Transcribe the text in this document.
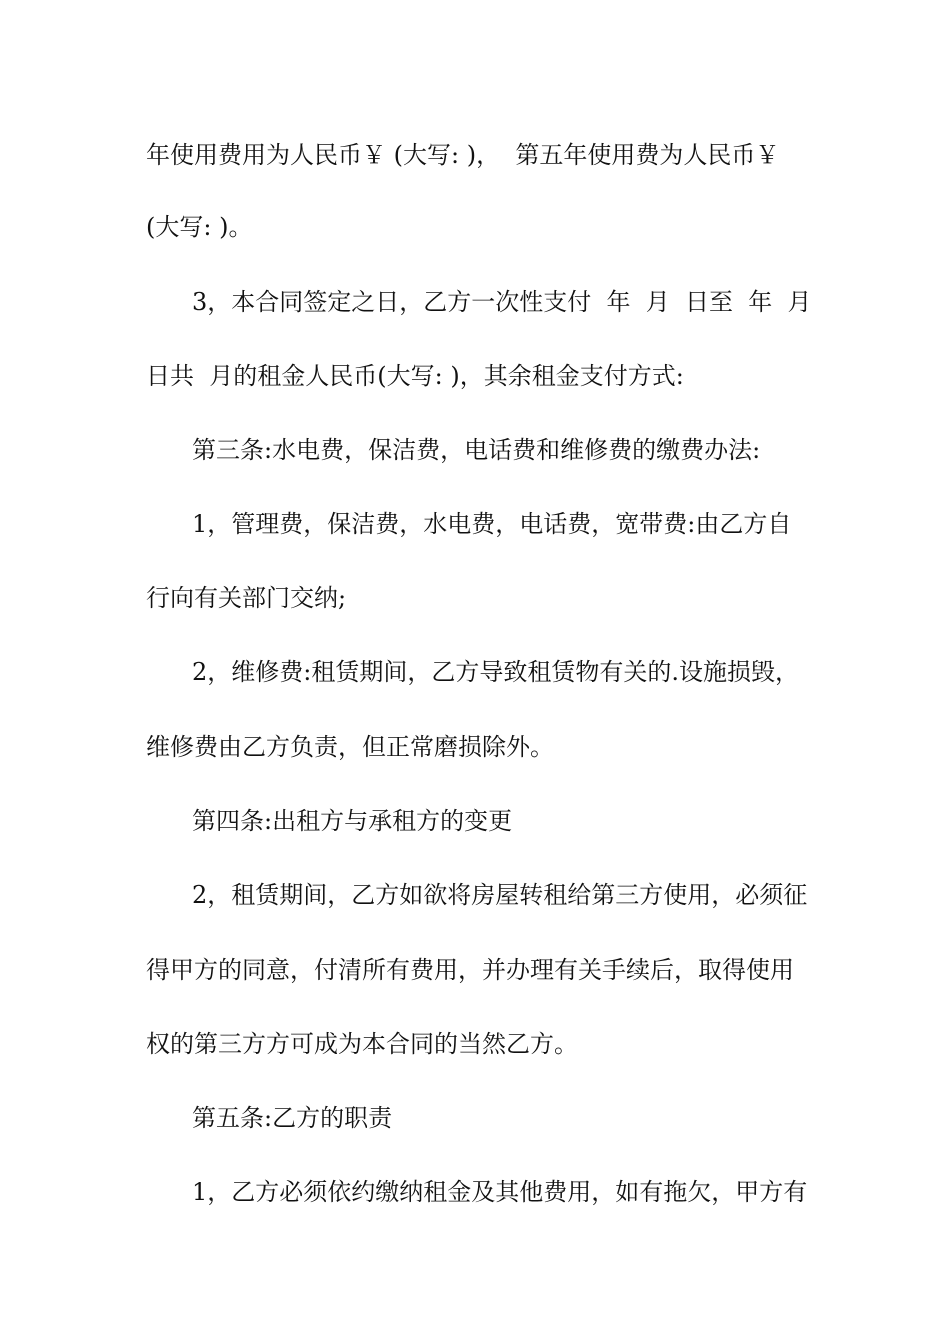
年使用费用为人民币￥ (大写: )，  第五年使用费为人民币￥
(大写: )。
3，本合同签定之日，乙方一次性支付  年  月  日至  年  月
日共  月的租金人民币(大写: )，其余租金支付方式:
第三条:水电费，保洁费，电话费和维修费的缴费办法:
1，管理费，保洁费，水电费，电话费，宽带费:由乙方自
行向有关部门交纳;
2，维修费:租赁期间，乙方导致租赁物有关的.设施损毁，
维修费由乙方负责，但正常磨损除外。
第四条:出租方与承租方的变更
2，租赁期间，乙方如欲将房屋转租给第三方使用，必须征
得甲方的同意，付清所有费用，并办理有关手续后，取得使用
权的第三方方可成为本合同的当然乙方。
第五条:乙方的职责
1，乙方必须依约缴纳租金及其他费用，如有拖欠，甲方有
